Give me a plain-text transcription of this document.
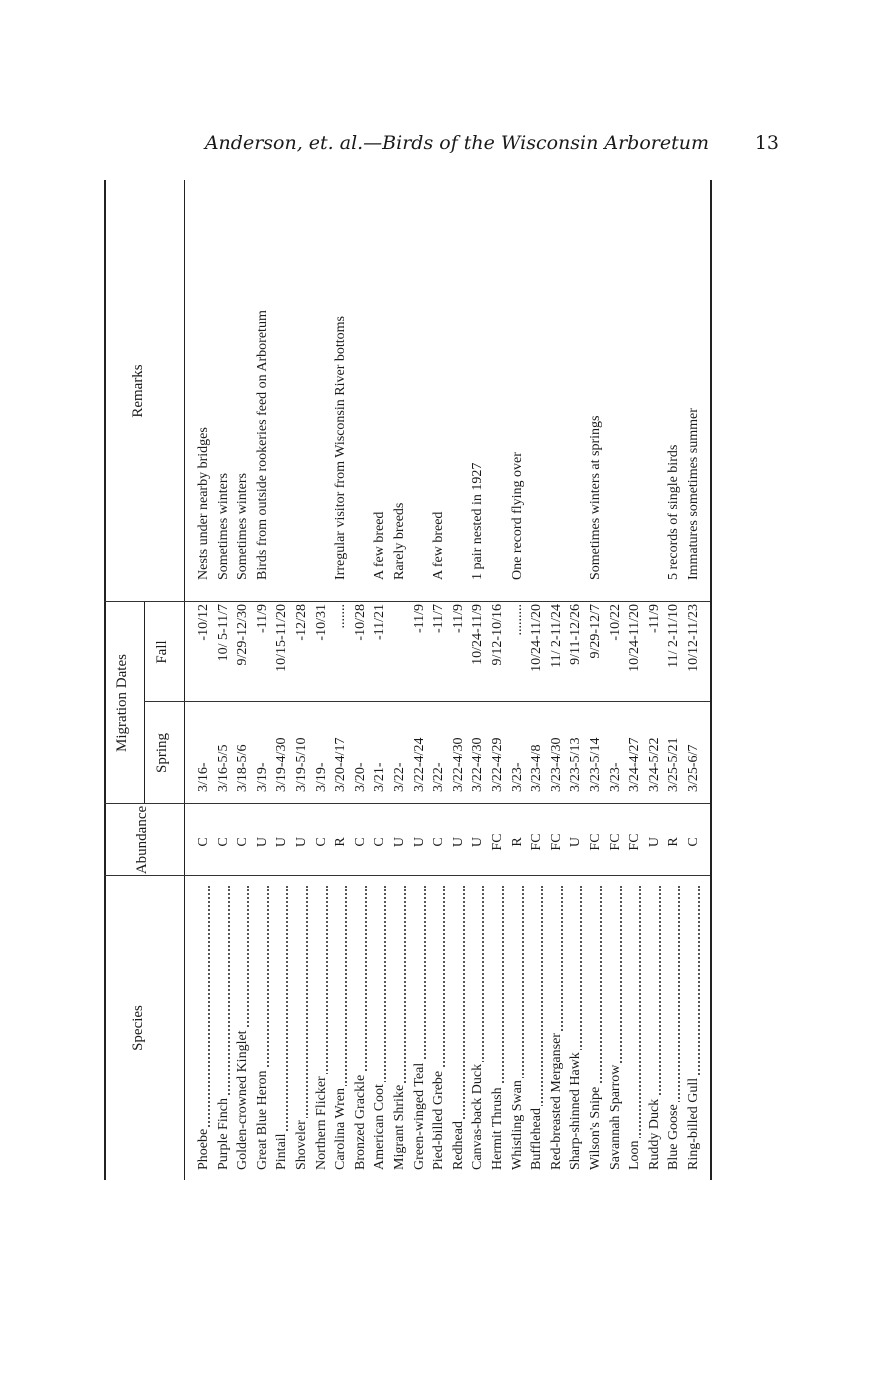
Anderson, et. al.—Birds of the Wisconsin Arboretum 13
Species
Abundance
Migration Dates
Spring
Fall
Remarks
Phoebe
C
3/16-
-10/12
Nests under nearby bridges
Purple Finch
C
3/16-5/5
10/ 5-11/7
Sometimes winters
Golden-crowned Kinglet
C
3/18-5/6
9/29-12/30
Sometimes winters
Great Blue Heron
U
3/19-
-11/9
Birds from outside rookeries feed on Arboretum
Pintail
U
3/19-4/30
10/15-11/20
Shoveler
U
3/19-5/10
-12/28
Northern Flicker
C
3/19-
-10/31
Carolina Wren
R
3/20-4/17
.......
Irregular visitor from Wisconsin River bottoms
Bronzed Grackle
C
3/20-
-10/28
American Coot
C
3/21-
-11/21
A few breed
Migrant Shrike
U
3/22-
Rarely breeds
Green-winged Teal
U
3/22-4/24
-11/9
Pied-billed Grebe
C
3/22-
-11/7
A few breed
Redhead
U
3/22-4/30
-11/9
Canvas-back Duck
U
3/22-4/30
10/24-11/9
1 pair nested in 1927
Hermit Thrush
FC
3/22-4/29
9/12-10/16
Whistling Swan
R
3/23-
.........
One record flying over
Bufflehead
FC
3/23-4/8
10/24-11/20
Red-breasted Merganser
FC
3/23-4/30
11/ 2-11/24
Sharp-shinned Hawk
U
3/23-5/13
9/11-12/26
Wilson's Snipe
FC
3/23-5/14
9/29-12/7
Sometimes winters at springs
Savannah Sparrow
FC
3/23-
-10/22
Loon
FC
3/24-4/27
10/24-11/20
Ruddy Duck
U
3/24-5/22
-11/9
Blue Goose
R
3/25-5/21
11/ 2-11/10
5 records of single birds
Ring-billed Gull
C
3/25-6/7
10/12-11/23
Immatures sometimes summer
